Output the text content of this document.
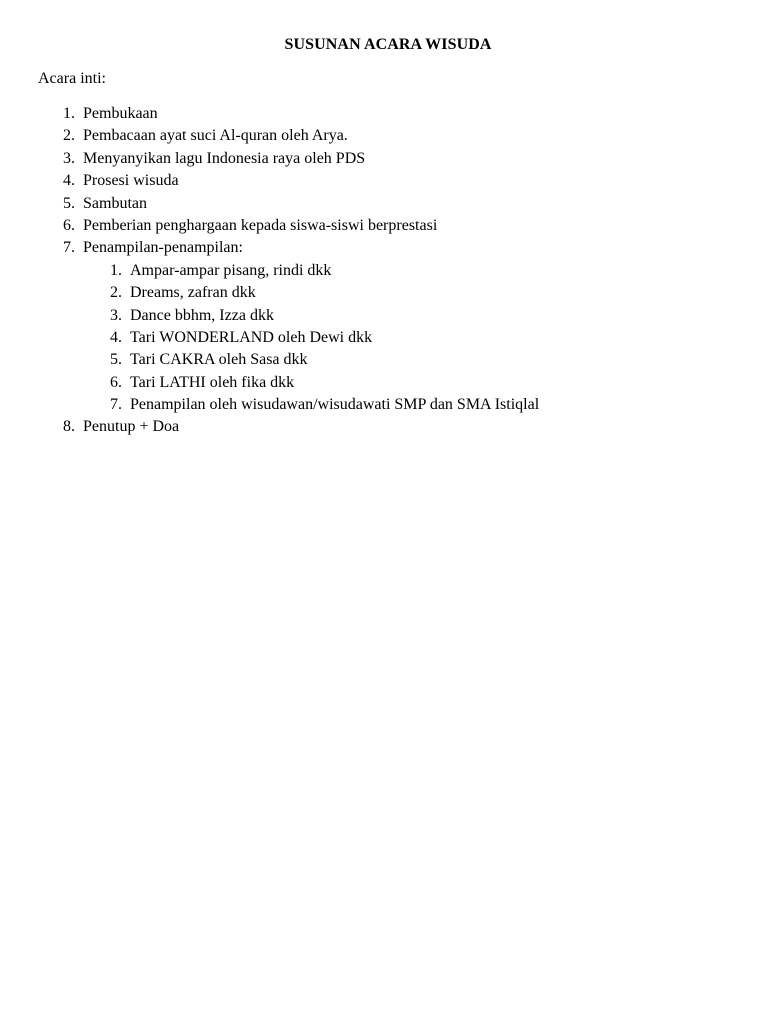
SUSUNAN ACARA WISUDA
Acara inti:
1. Pembukaan
2. Pembacaan ayat suci Al-quran oleh Arya.
3. Menyanyikan lagu Indonesia raya oleh PDS
4. Prosesi wisuda
5. Sambutan
6. Pemberian penghargaan kepada siswa-siswi berprestasi
7. Penampilan-penampilan:
1. Ampar-ampar pisang, rindi dkk
2. Dreams, zafran dkk
3. Dance bbhm, Izza dkk
4. Tari WONDERLAND oleh Dewi dkk
5. Tari CAKRA oleh Sasa dkk
6. Tari LATHI oleh fika dkk
7. Penampilan oleh wisudawan/wisudawati SMP dan SMA Istiqlal
8. Penutup + Doa
